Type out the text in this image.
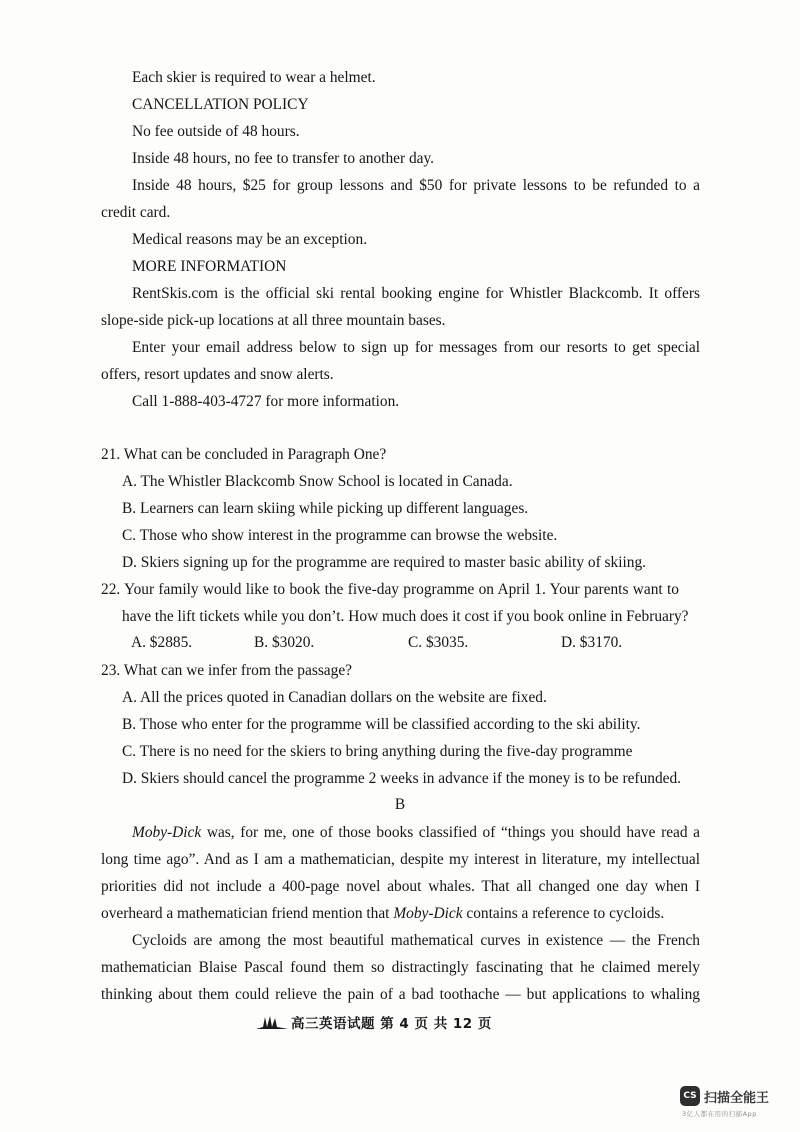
Each skier is required to wear a helmet.
CANCELLATION POLICY
No fee outside of 48 hours.
Inside 48 hours, no fee to transfer to another day.
Inside 48 hours, $25 for group lessons and $50 for private lessons to be refunded to a
credit card.
Medical reasons may be an exception.
MORE INFORMATION
RentSkis.com is the official ski rental booking engine for Whistler Blackcomb. It offers
slope-side pick-up locations at all three mountain bases.
Enter your email address below to sign up for messages from our resorts to get special
offers, resort updates and snow alerts.
Call 1-888-403-4727 for more information.
21. What can be concluded in Paragraph One?
A. The Whistler Blackcomb Snow School is located in Canada.
B. Learners can learn skiing while picking up different languages.
C. Those who show interest in the programme can browse the website.
D. Skiers signing up for the programme are required to master basic ability of skiing.
22. Your family would like to book the five-day programme on April 1. Your parents want to
have the lift tickets while you don’t. How much does it cost if you book online in February?
A. $2885.	B. $3020.	C. $3035.	D. $3170.
23. What can we infer from the passage?
A. All the prices quoted in Canadian dollars on the website are fixed.
B. Those who enter for the programme will be classified according to the ski ability.
C. There is no need for the skiers to bring anything during the five-day programme
D. Skiers should cancel the programme 2 weeks in advance if the money is to be refunded.
B
Moby-Dick was, for me, one of those books classified of “things you should have read a
long time ago”. And as I am a mathematician, despite my interest in literature, my intellectual
priorities did not include a 400-page novel about whales. That all changed one day when I
overheard a mathematician friend mention that Moby-Dick contains a reference to cycloids.
Cycloids are among the most beautiful mathematical curves in existence — the French
mathematician Blaise Pascal found them so distractingly fascinating that he claimed merely
thinking about them could relieve the pain of a bad toothache — but applications to whaling
高三英语试题 第 4 页 共 12 页
CS 扫描全能王
3亿人都在用的扫描App
